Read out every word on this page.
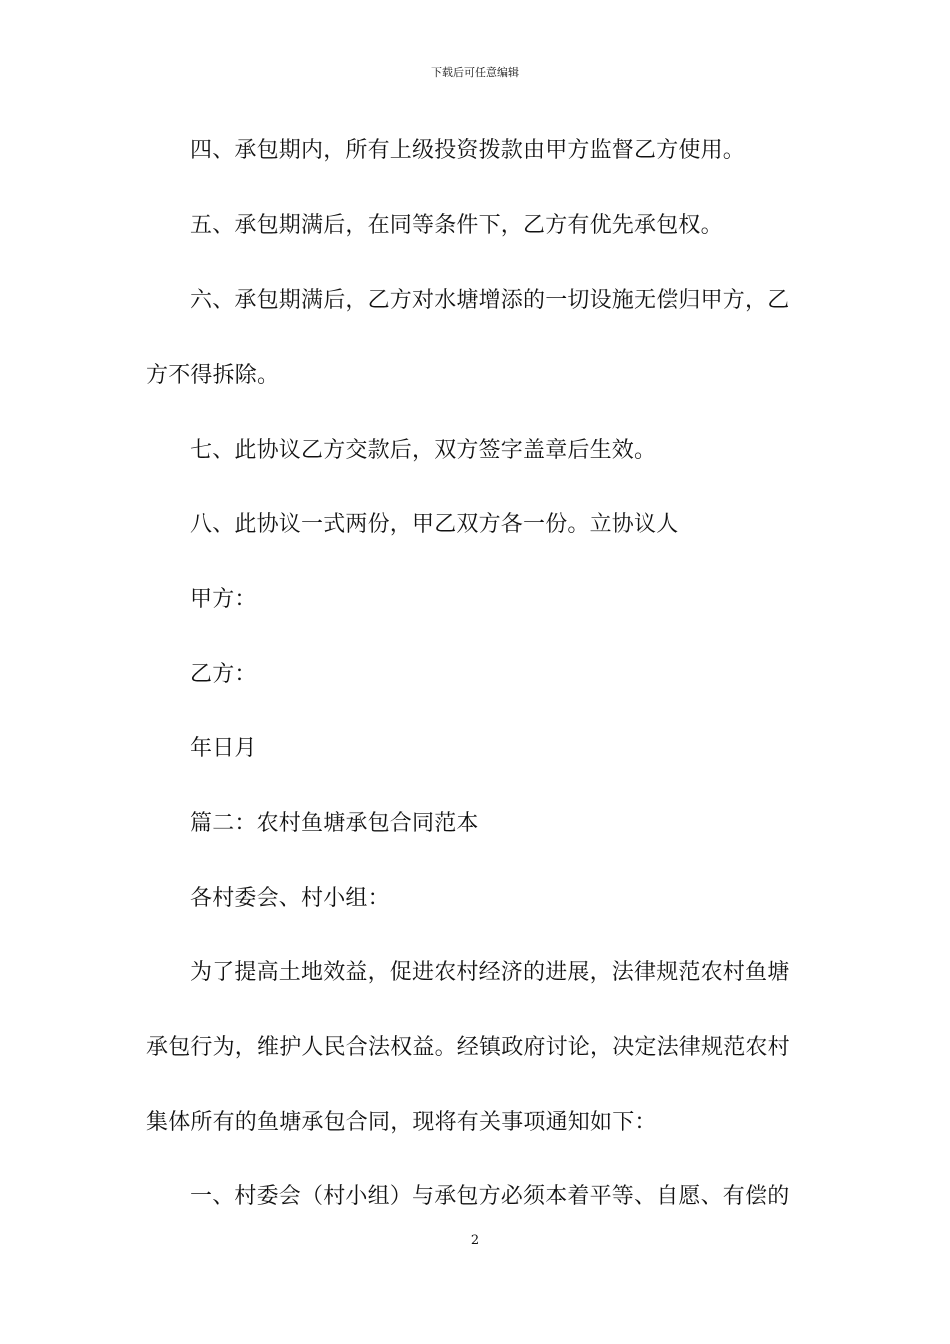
下载后可任意编辑
四、承包期内，所有上级投资拨款由甲方监督乙方使用。
五、承包期满后，在同等条件下，乙方有优先承包权。
六、承包期满后，乙方对水塘增添的一切设施无偿归甲方，乙
方不得拆除。
七、此协议乙方交款后，双方签字盖章后生效。
八、此协议一式两份，甲乙双方各一份。立协议人
甲方：
乙方：
年日月
篇二：农村鱼塘承包合同范本
各村委会、村小组：
为了提高土地效益，促进农村经济的进展，法律规范农村鱼塘
承包行为，维护人民合法权益。经镇政府讨论，决定法律规范农村
集体所有的鱼塘承包合同，现将有关事项通知如下：
一、村委会（村小组）与承包方必须本着平等、自愿、有偿的
2
